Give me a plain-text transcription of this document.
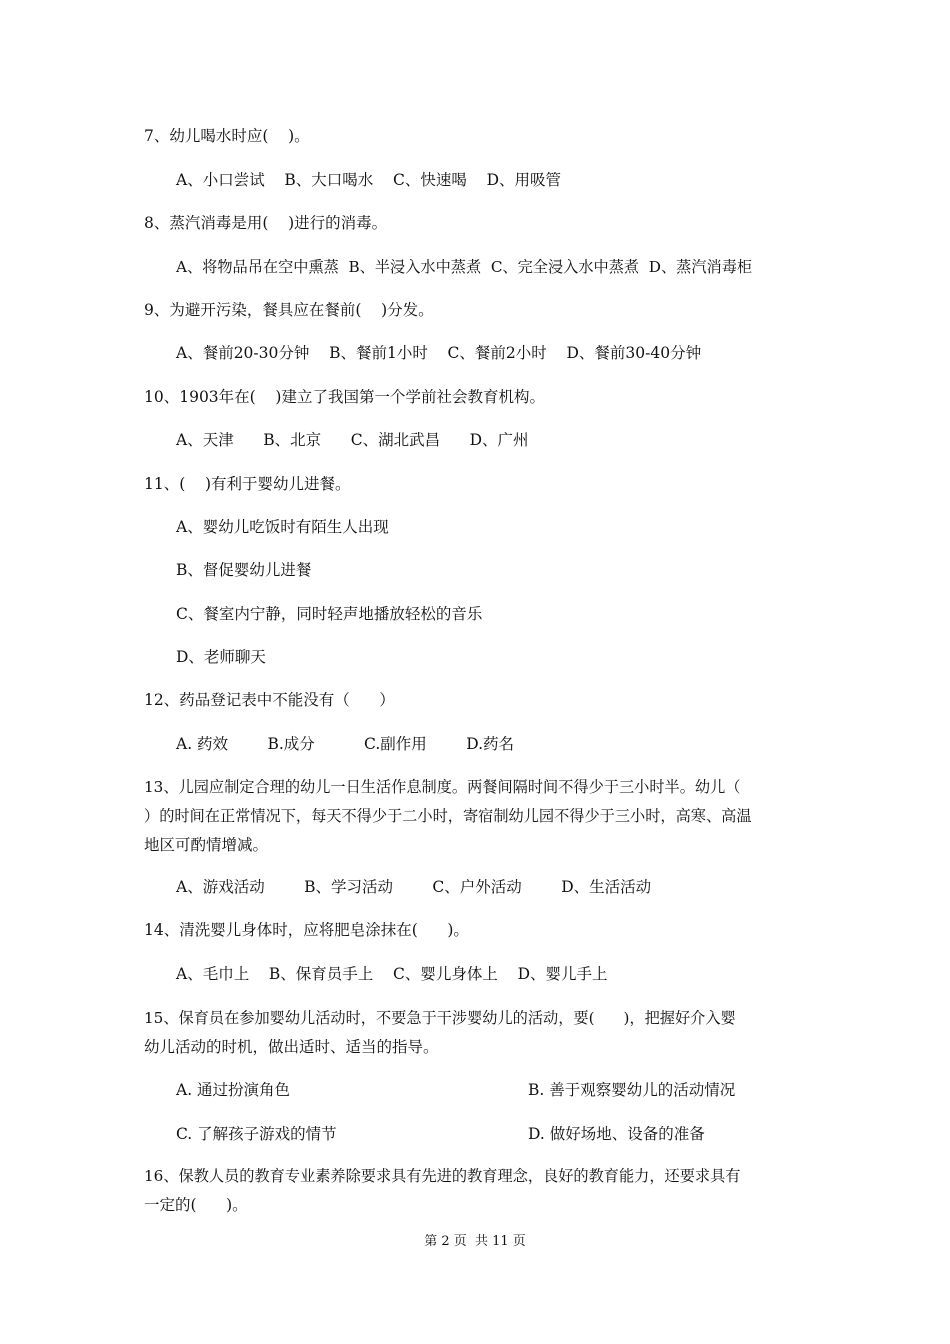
7、幼儿喝水时应(    )。
A、小口尝试    B、大口喝水    C、快速喝    D、用吸管
8、蒸汽消毒是用(    )进行的消毒。
A、将物品吊在空中熏蒸  B、半浸入水中蒸煮  C、完全浸入水中蒸煮  D、蒸汽消毒柜
9、为避开污染，餐具应在餐前(    )分发。
A、餐前20-30分钟    B、餐前1小时    C、餐前2小时    D、餐前30-40分钟
10、1903年在(    )建立了我国第一个学前社会教育机构。
A、天津      B、北京      C、湖北武昌      D、广州
11、(    )有利于婴幼儿进餐。
A、婴幼儿吃饭时有陌生人出现
B、督促婴幼儿进餐
C、餐室内宁静，同时轻声地播放轻松的音乐
D、老师聊天
12、药品登记表中不能没有（      ）
A. 药效        B.成分          C.副作用        D.药名
13、儿园应制定合理的幼儿一日生活作息制度。两餐间隔时间不得少于三小时半。幼儿（
）的时间在正常情况下，每天不得少于二小时，寄宿制幼儿园不得少于三小时，高寒、高温
地区可酌情增减。
A、游戏活动        B、学习活动        C、户外活动        D、生活活动
14、清洗婴儿身体时，应将肥皂涂抹在(      )。
A、毛巾上    B、保育员手上    C、婴儿身体上    D、婴儿手上
15、保育员在参加婴幼儿活动时，不要急于干涉婴幼儿的活动，要(      )，把握好介入婴
幼儿活动的时机，做出适时、适当的指导。
A. 通过扮演角色	B. 善于观察婴幼儿的活动情况
C. 了解孩子游戏的情节	D. 做好场地、设备的准备
16、保教人员的教育专业素养除要求具有先进的教育理念，良好的教育能力，还要求具有
一定的(      )。
第 2 页  共 11 页
